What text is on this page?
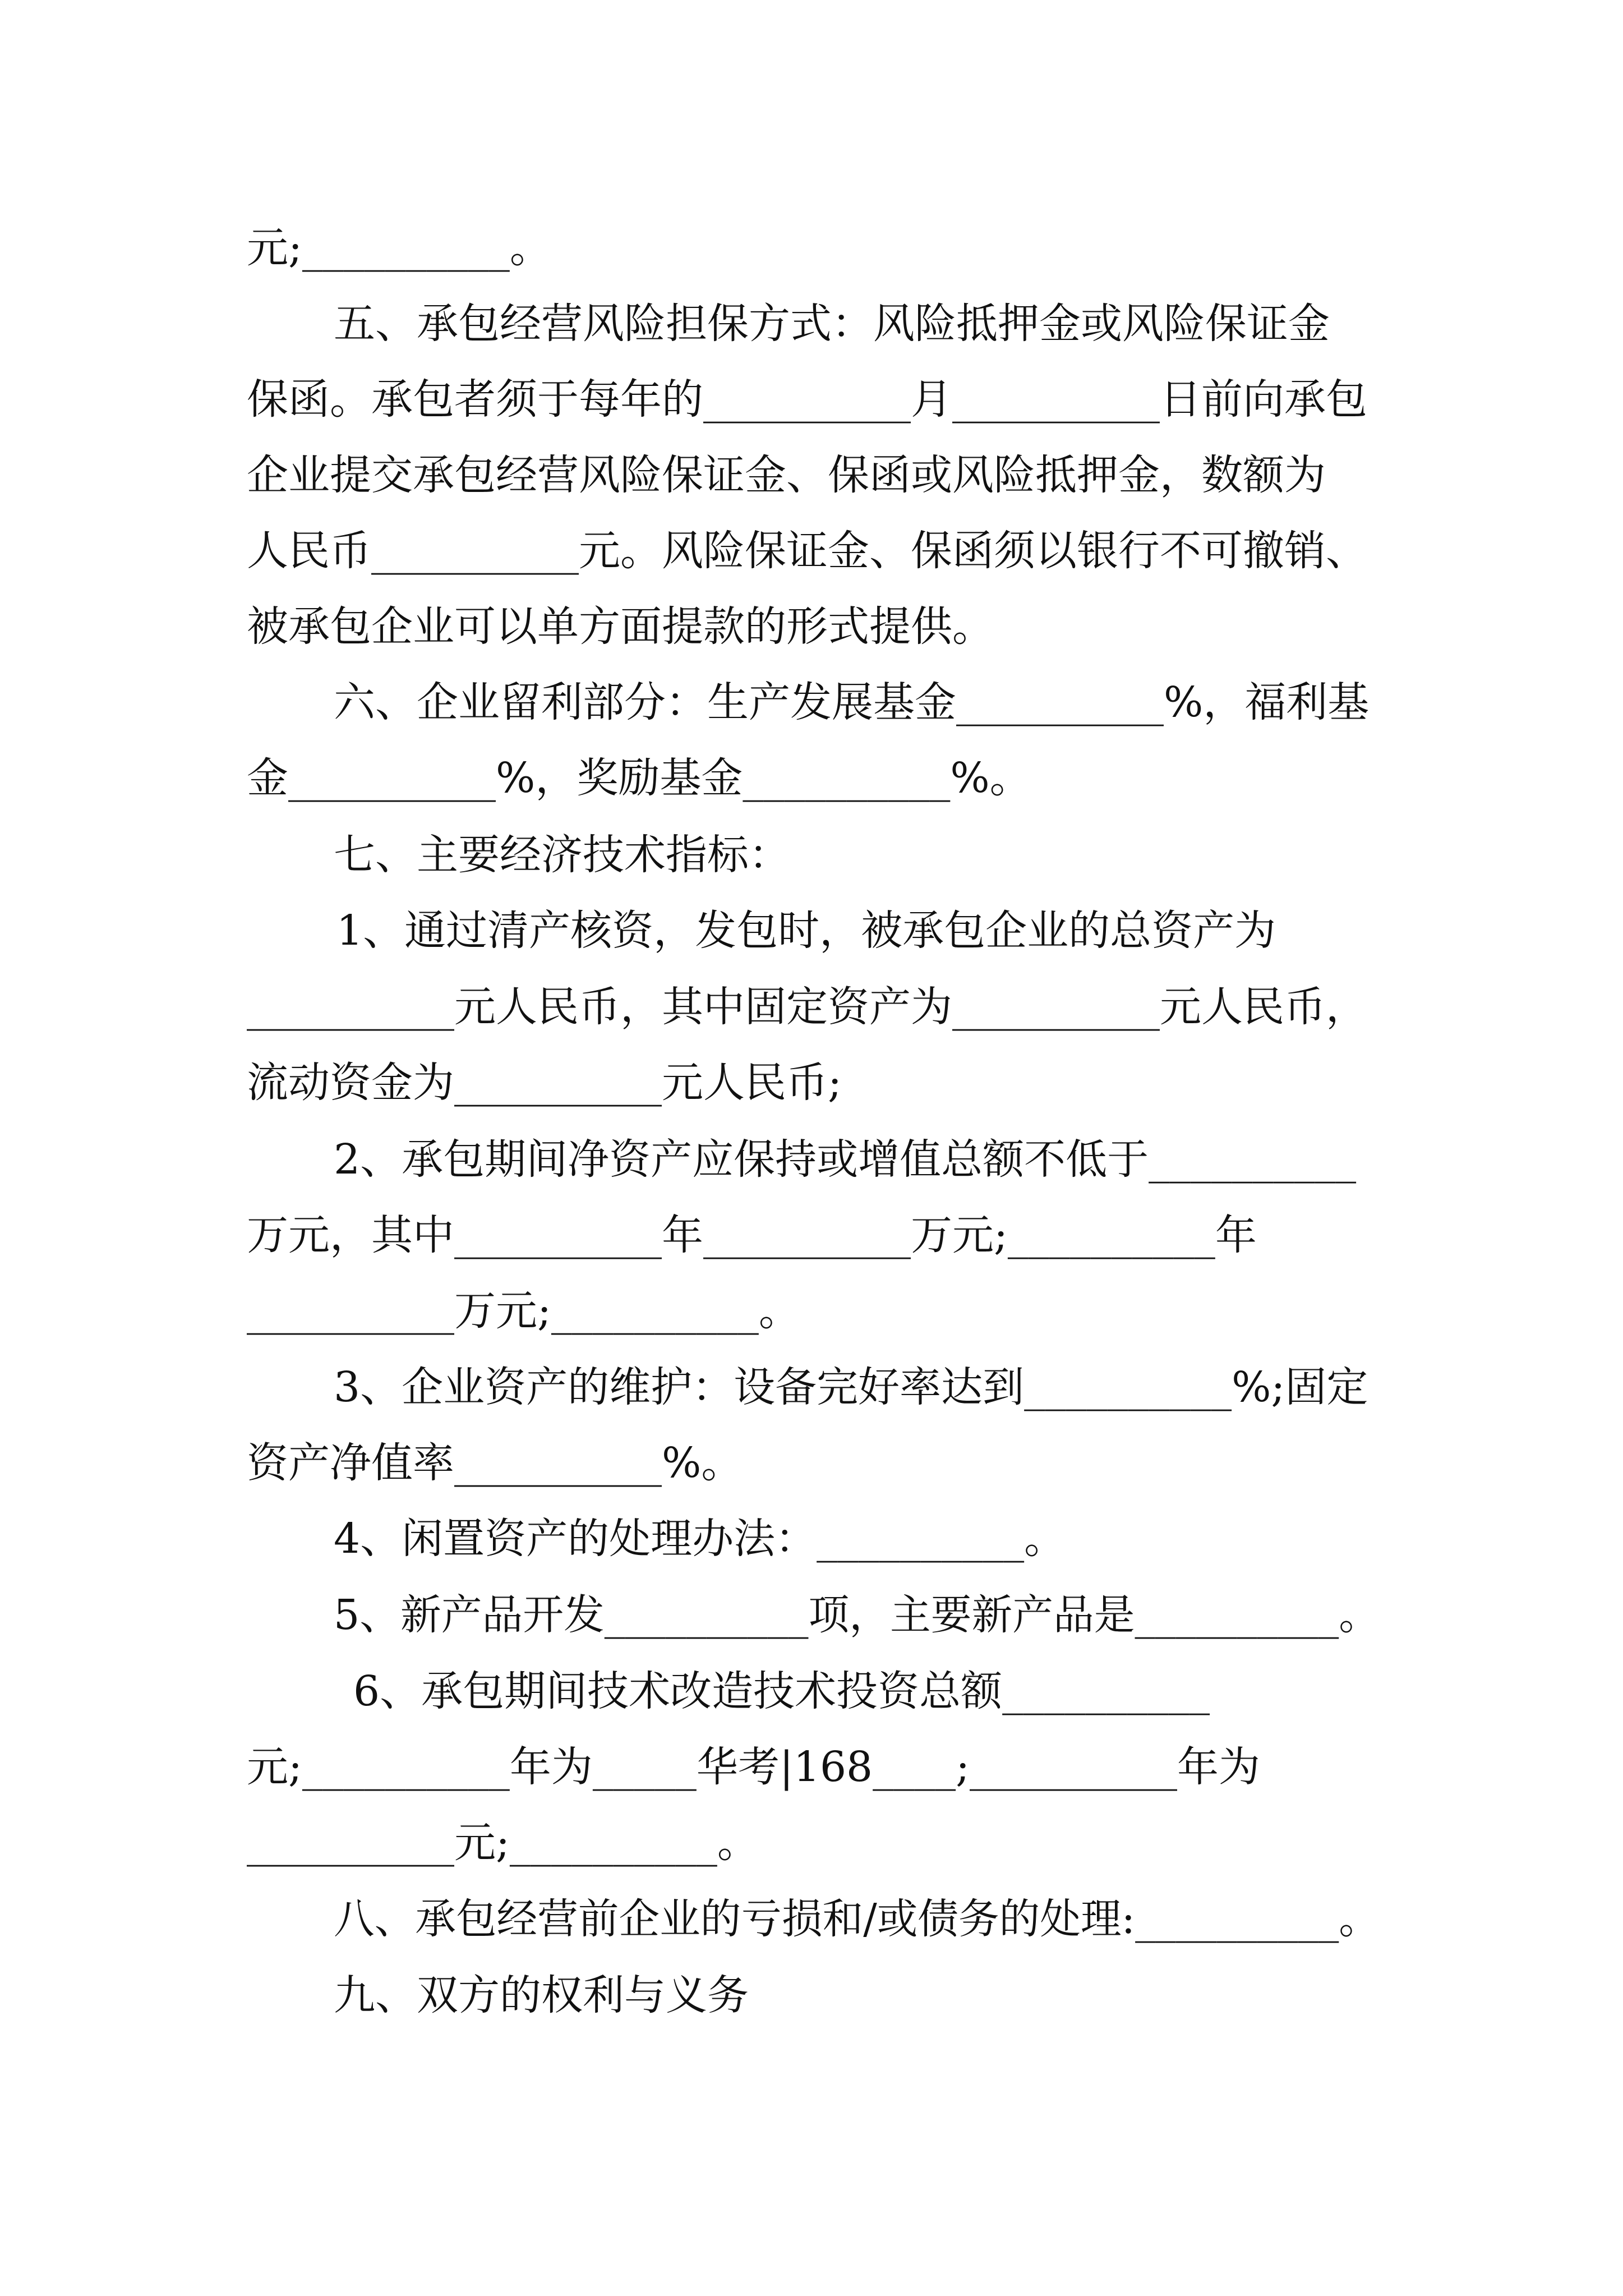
元;__________。
五、承包经营风险担保方式：风险抵押金或风险保证金
保函。承包者须于每年的__________月__________日前向承包
企业提交承包经营风险保证金、保函或风险抵押金，数额为
人民币__________元。风险保证金、保函须以银行不可撤销、
被承包企业可以单方面提款的形式提供。
六、企业留利部分：生产发展基金__________%，福利基
金__________%，奖励基金__________%。
七、主要经济技术指标：
1、通过清产核资，发包时，被承包企业的总资产为
__________元人民币，其中固定资产为__________元人民币，
流动资金为__________元人民币;
2、承包期间净资产应保持或增值总额不低于__________
万元，其中__________年__________万元;__________年
__________万元;__________。
3、企业资产的维护：设备完好率达到__________%;固定
资产净值率__________%。
4、闲置资产的处理办法：__________。
5、新产品开发__________项，主要新产品是__________。
6、承包期间技术改造技术投资总额__________
元;__________年为_____华考|168____;__________年为
__________元;__________。
八、承包经营前企业的亏损和/或债务的处理:__________。
九、双方的权利与义务
